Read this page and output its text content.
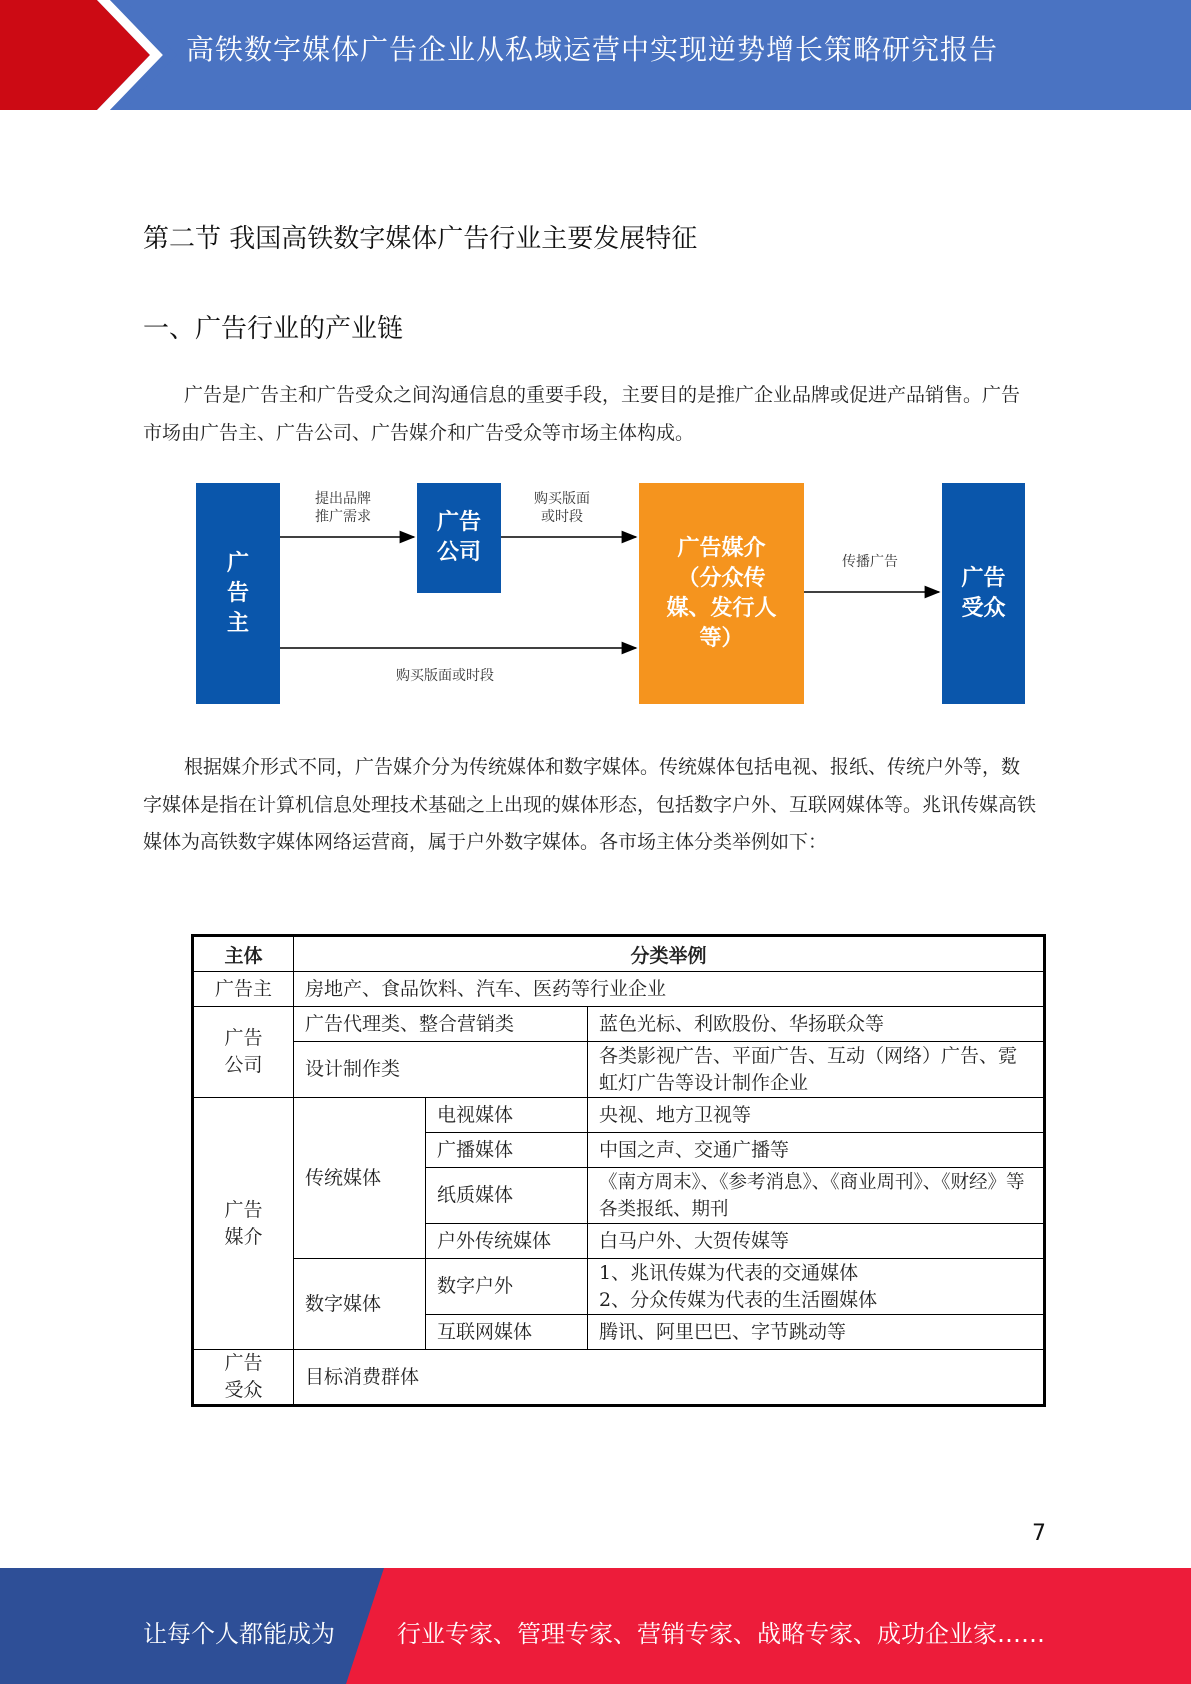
高铁数字媒体广告企业从私域运营中实现逆势增长策略研究报告
第二节 我国高铁数字媒体广告行业主要发展特征
一、广告行业的产业链

广告是广告主和广告受众之间沟通信息的重要手段，主要目的是推广企业品牌或促进产品销售。广告市场由广告主、广告公司、广告媒介和广告受众等市场主体构成。

广告主
广告公司	广告媒介（分众传媒、发行人等）
广告受众
提出品牌
推广需求
购买版面
或时段
传播广告
购买版面或时段

根据媒介形式不同，广告媒介分为传统媒体和数字媒体。传统媒体包括电视、报纸、传统户外等，数字媒体是指在计算机信息处理技术基础之上出现的媒体形态，包括数字户外、互联网媒体等。兆讯传媒高铁媒体为高铁数字媒体网络运营商，属于户外数字媒体。各市场主体分类举例如下：

主体	分类举例		
广告主	房地产、食品饮料、汽车、医药等行业企业		
广告公司	广告代理类、整合营销类		蓝色光标、利欧股份、华扬联众等
	设计制作类		各类影视广告、平面广告、互动（网络）广告、霓虹灯广告等设计制作企业
广告媒介	传统媒体	电视媒体	央视、地方卫视等
		广播媒体	中国之声、交通广播等
		纸质媒体	《南方周末》、《参考消息》、《商业周刊》、《财经》等各类报纸、期刊
		户外传统媒体	白马户外、大贺传媒等
	数字媒体	数字户外	1、兆讯传媒为代表的交通媒体
2、分众传媒为代表的生活圈媒体

		互联网媒体	腾讯、阿里巴巴、字节跳动等
广告受众	目标消费群体		
7
让每个人都能成为	行业专家、管理专家、营销专家、战略专家、成功企业家……
